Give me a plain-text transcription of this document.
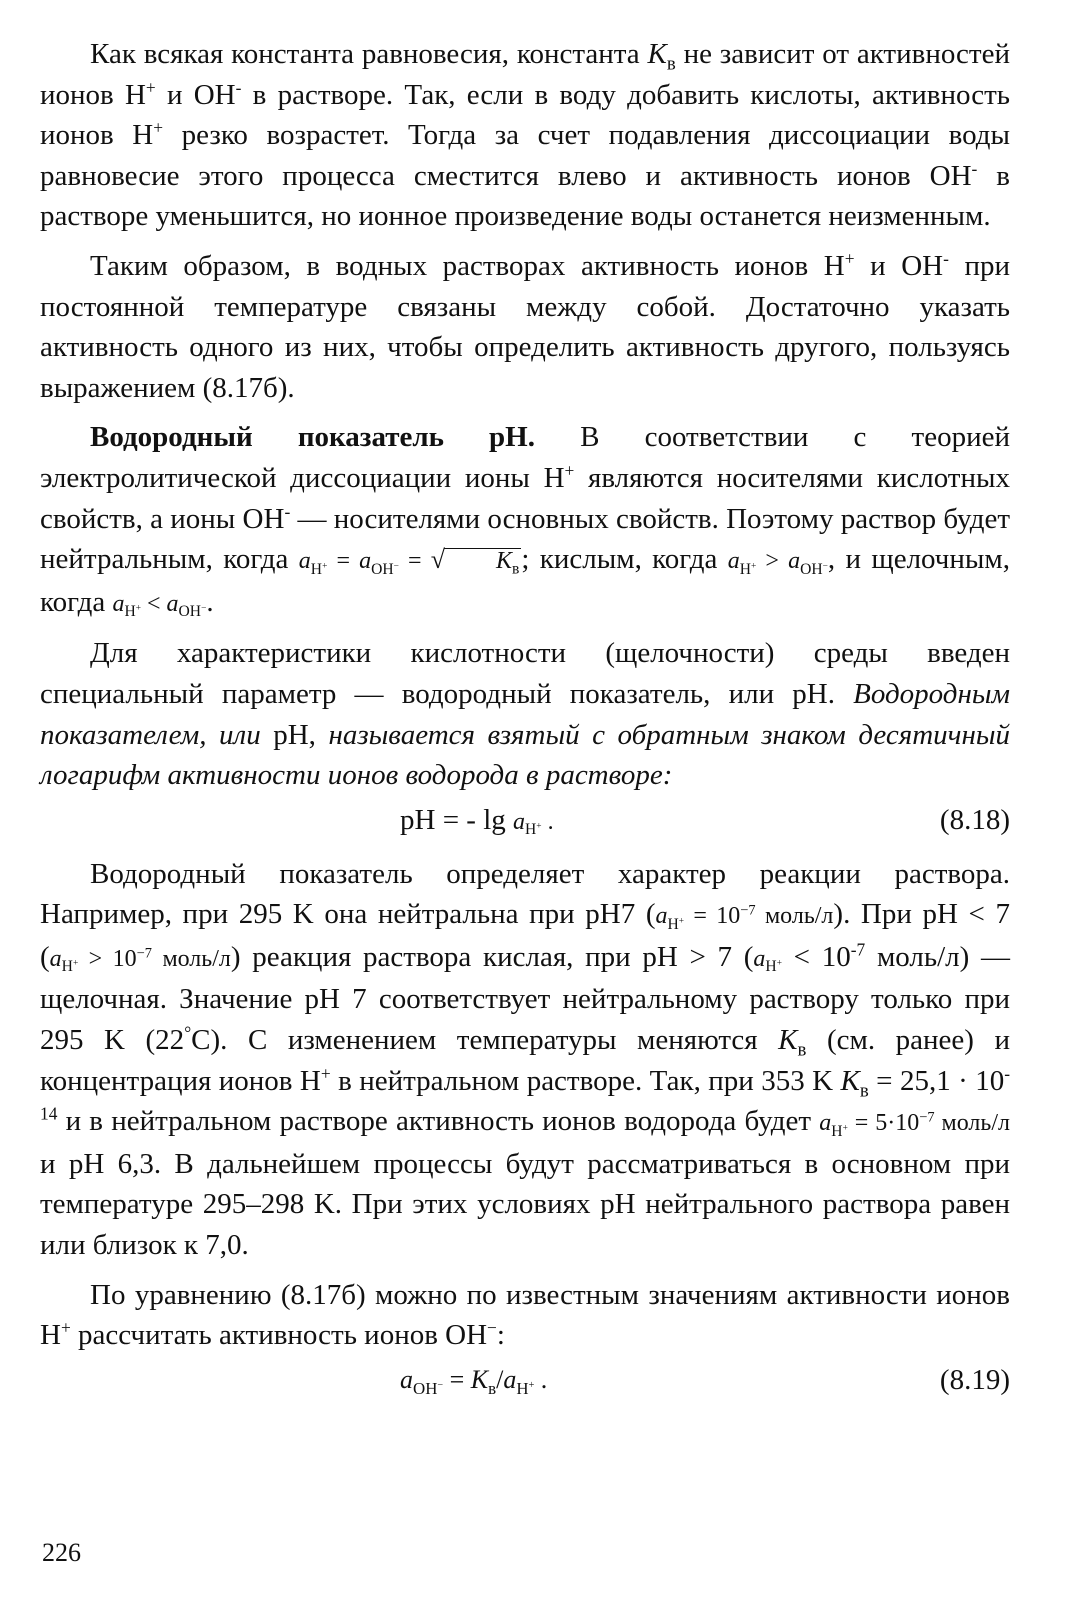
Как всякая константа равновесия, константа $K_в$ не зависит от активностей ионов H+ и OH- в растворе. Так, если в воду добавить кислоты, активность ионов H+ резко возрастет. Тогда за счет подавления диссоциации воды равновесие этого процесса сместится влево и активность ионов OH- в растворе уменьшится, но ионное произведение воды останется неизменным.

Таким образом, в водных растворах активность ионов H+ и OH- при постоянной температуре связаны между собой. Достаточно указать активность одного из них, чтобы определить активность другого, пользуясь выражением (8.17б).

Водородный показатель pH. В соответствии с теорией электролитической диссоциации ионы H+ являются носителями кислотных свойств, а ионы OH- — носителями основных свойств. Поэтому раствор будет нейтральным, когда $a_{H^+} = a_{OH^-}$ = √ $K_в$; кислым, когда $a_{H^+} > a_{OH^-}$, и щелочным, когда $a_{H^+} < a_{OH^-}$.

Для характеристики кислотности (щелочности) среды введен специальный параметр — водородный показатель, или pH. Водородным показателем, или pH, называется взятый с обратным знаком десятичный логарифм активности ионов водорода в растворе:

pH = - $\lg a_{H^+}$ .	(8.18)

Водородный показатель определяет характер реакции раствора. Например, при 295 K она нейтральна при pH7 ($a_{H^+} = 10^{-7}$ моль/л). При pH < 7 ($a_{H^+} > 10^{-7}$ моль/л) реакция раствора кислая, при pH > 7 ($a_{H^+} < 10^{-7}$ моль/л) — щелочная. Значение pH 7 соответствует нейтральному раствору только при 295 K (22°C). С изменением температуры меняются $K_в$ (см. ранее) и концентрация ионов H+ в нейтральном растворе. Так, при 353 K $K_в = 25,1 \cdot 10^{-14}$ и в нейтральном растворе активность ионов водорода будет $a_{H^+} = 5\cdot 10^{-7}$ моль/л и pH 6,3. В дальнейшем процессы будут рассматриваться в основном при температуре 295–298 K. При этих условиях pH нейтрального раствора равен или близок к 7,0.

По уравнению (8.17б) можно по известным значениям активности ионов H+ рассчитать активность ионов OH−:

$a_{OH^-} = K_в/a_{H^+}$ .	(8.19)
226
